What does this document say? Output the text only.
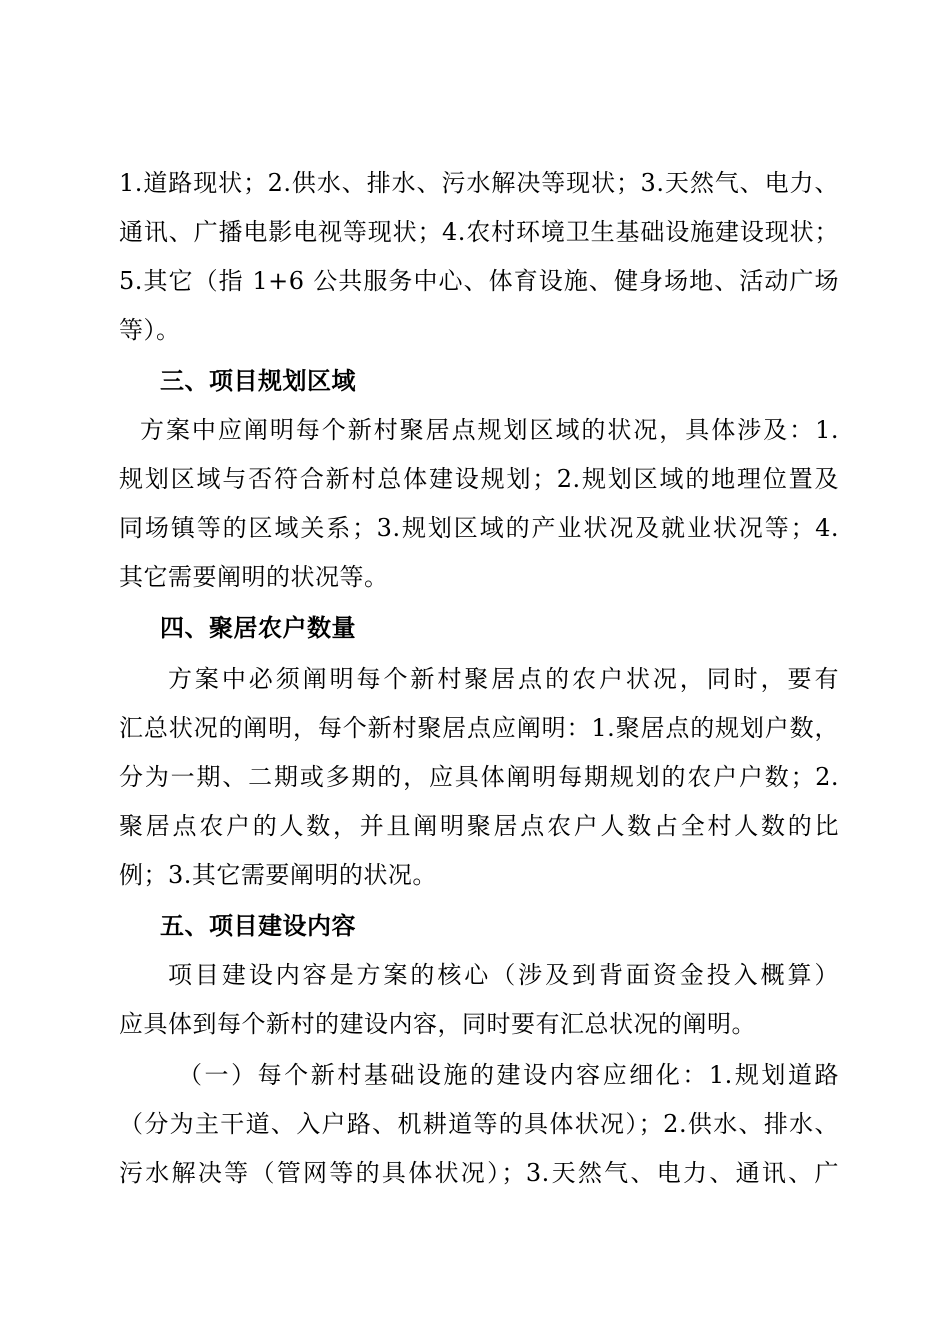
1.道路现状；2.供水、排水、污水解决等现状；3.天然气、电力、
通讯、广播电影电视等现状；4.农村环境卫生基础设施建设现状；
5.其它（指 1+6 公共服务中心、体育设施、健身场地、活动广场
等）。
三、项目规划区域
方案中应阐明每个新村聚居点规划区域的状况，具体涉及：1.
规划区域与否符合新村总体建设规划；2.规划区域的地理位置及
同场镇等的区域关系；3.规划区域的产业状况及就业状况等；4.
其它需要阐明的状况等。
四、聚居农户数量
方案中必须阐明每个新村聚居点的农户状况，同时，要有
汇总状况的阐明，每个新村聚居点应阐明：1.聚居点的规划户数，
分为一期、二期或多期的，应具体阐明每期规划的农户户数；2.
聚居点农户的人数，并且阐明聚居点农户人数占全村人数的比
例；3.其它需要阐明的状况。
五、项目建设内容
项目建设内容是方案的核心（涉及到背面资金投入概算）
应具体到每个新村的建设内容，同时要有汇总状况的阐明。
（一）每个新村基础设施的建设内容应细化：1.规划道路
（分为主干道、入户路、机耕道等的具体状况）；2.供水、排水、
污水解决等（管网等的具体状况）；3.天然气、电力、通讯、广
